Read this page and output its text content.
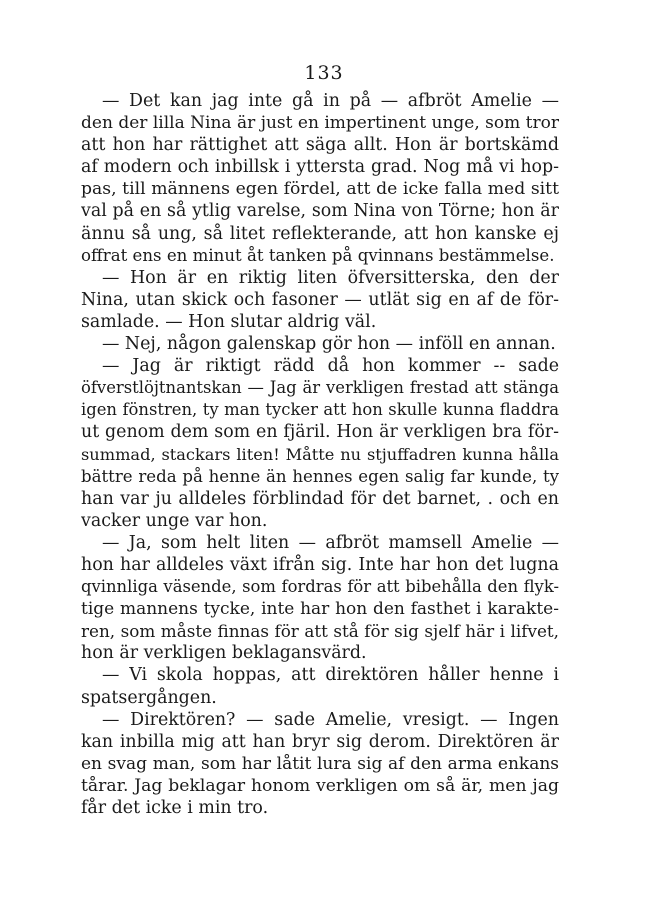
133
— Det kan jag inte gå in på — afbröt Amelie —
den der lilla Nina är just en impertinent unge, som tror
att hon har rättighet att säga allt. Hon är bortskämd
af modern och inbillsk i yttersta grad. Nog må vi hop-
pas, till männens egen fördel, att de icke falla med sitt
val på en så ytlig varelse, som Nina von Törne; hon är
ännu så ung, så litet reflekterande, att hon kanske ej
offrat ens en minut åt tanken på qvinnans bestämmelse.
— Hon är en riktig liten öfversitterska, den der
Nina, utan skick och fasoner — utlät sig en af de för-
samlade. — Hon slutar aldrig väl.
— Nej, någon galenskap gör hon — inföll en annan.
— Jag är riktigt rädd då hon kommer -- sade
öfverstlöjtnantskan — Jag är verkligen frestad att stänga
igen fönstren, ty man tycker att hon skulle kunna fladdra
ut genom dem som en fjäril. Hon är verkligen bra för-
summad, stackars liten! Måtte nu stjuffadren kunna hålla
bättre reda på henne än hennes egen salig far kunde, ty
han var ju alldeles förblindad för det barnet, . och en
vacker unge var hon.
— Ja, som helt liten — afbröt mamsell Amelie —
hon har alldeles växt ifrån sig. Inte har hon det lugna
qvinnliga väsende, som fordras för att bibehålla den flyk-
tige mannens tycke, inte har hon den fasthet i karakte-
ren, som måste finnas för att stå för sig sjelf här i lifvet,
hon är verkligen beklagansvärd.
— Vi skola hoppas, att direktören håller henne i
spatsergången.
— Direktören? — sade Amelie, vresigt. — Ingen
kan inbilla mig att han bryr sig derom. Direktören är
en svag man, som har låtit lura sig af den arma enkans
tårar. Jag beklagar honom verkligen om så är, men jag
får det icke i min tro.
